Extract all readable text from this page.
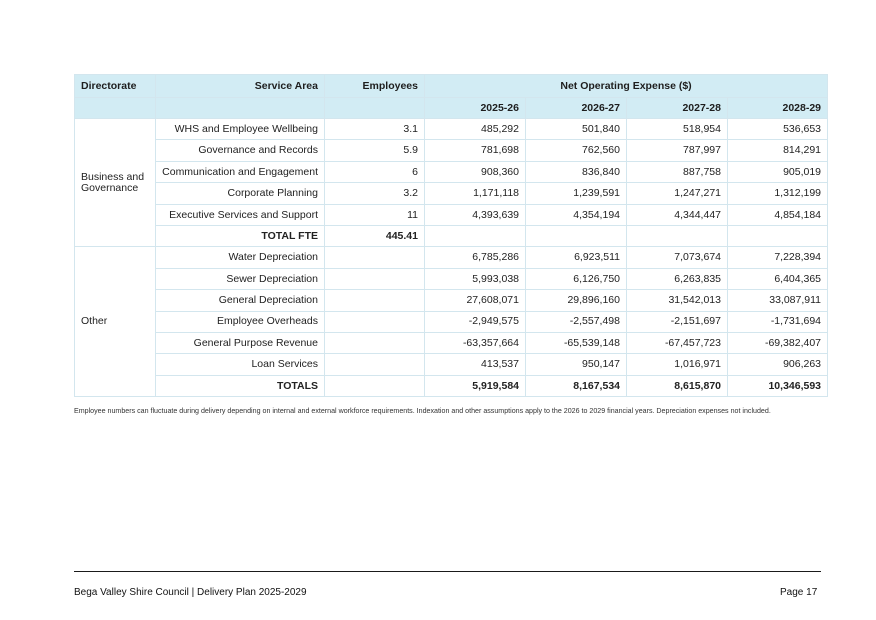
Directorate	Service Area	Employees	Net Operating Expense ($)			
			2025-26	2026-27	2027-28	2028-29
Business and Governance	WHS and Employee Wellbeing	3.1	485,292	501,840	518,954	536,653
	Governance and Records	5.9	781,698	762,560	787,997	814,291
	Communication and Engagement	6	908,360	836,840	887,758	905,019
	Corporate Planning	3.2	1,171,118	1,239,591	1,247,271	1,312,199
	Executive Services and Support	11	4,393,639	4,354,194	4,344,447	4,854,184
	TOTAL FTE	445.41				
Other	Water Depreciation		6,785,286	6,923,511	7,073,674	7,228,394
	Sewer Depreciation		5,993,038	6,126,750	6,263,835	6,404,365
	General Depreciation		27,608,071	29,896,160	31,542,013	33,087,911
	Employee Overheads		-2,949,575	-2,557,498	-2,151,697	-1,731,694
	General Purpose Revenue		-63,357,664	-65,539,148	-67,457,723	-69,382,407
	Loan Services		413,537	950,147	1,016,971	906,263
	TOTALS		5,919,584	8,167,534	8,615,870	10,346,593
Employee numbers can fluctuate during delivery depending on internal and external workforce requirements. Indexation and other assumptions apply to the 2026 to 2029 financial years. Depreciation expenses not included.
Bega Valley Shire Council | Delivery Plan 2025-2029	Page 17
